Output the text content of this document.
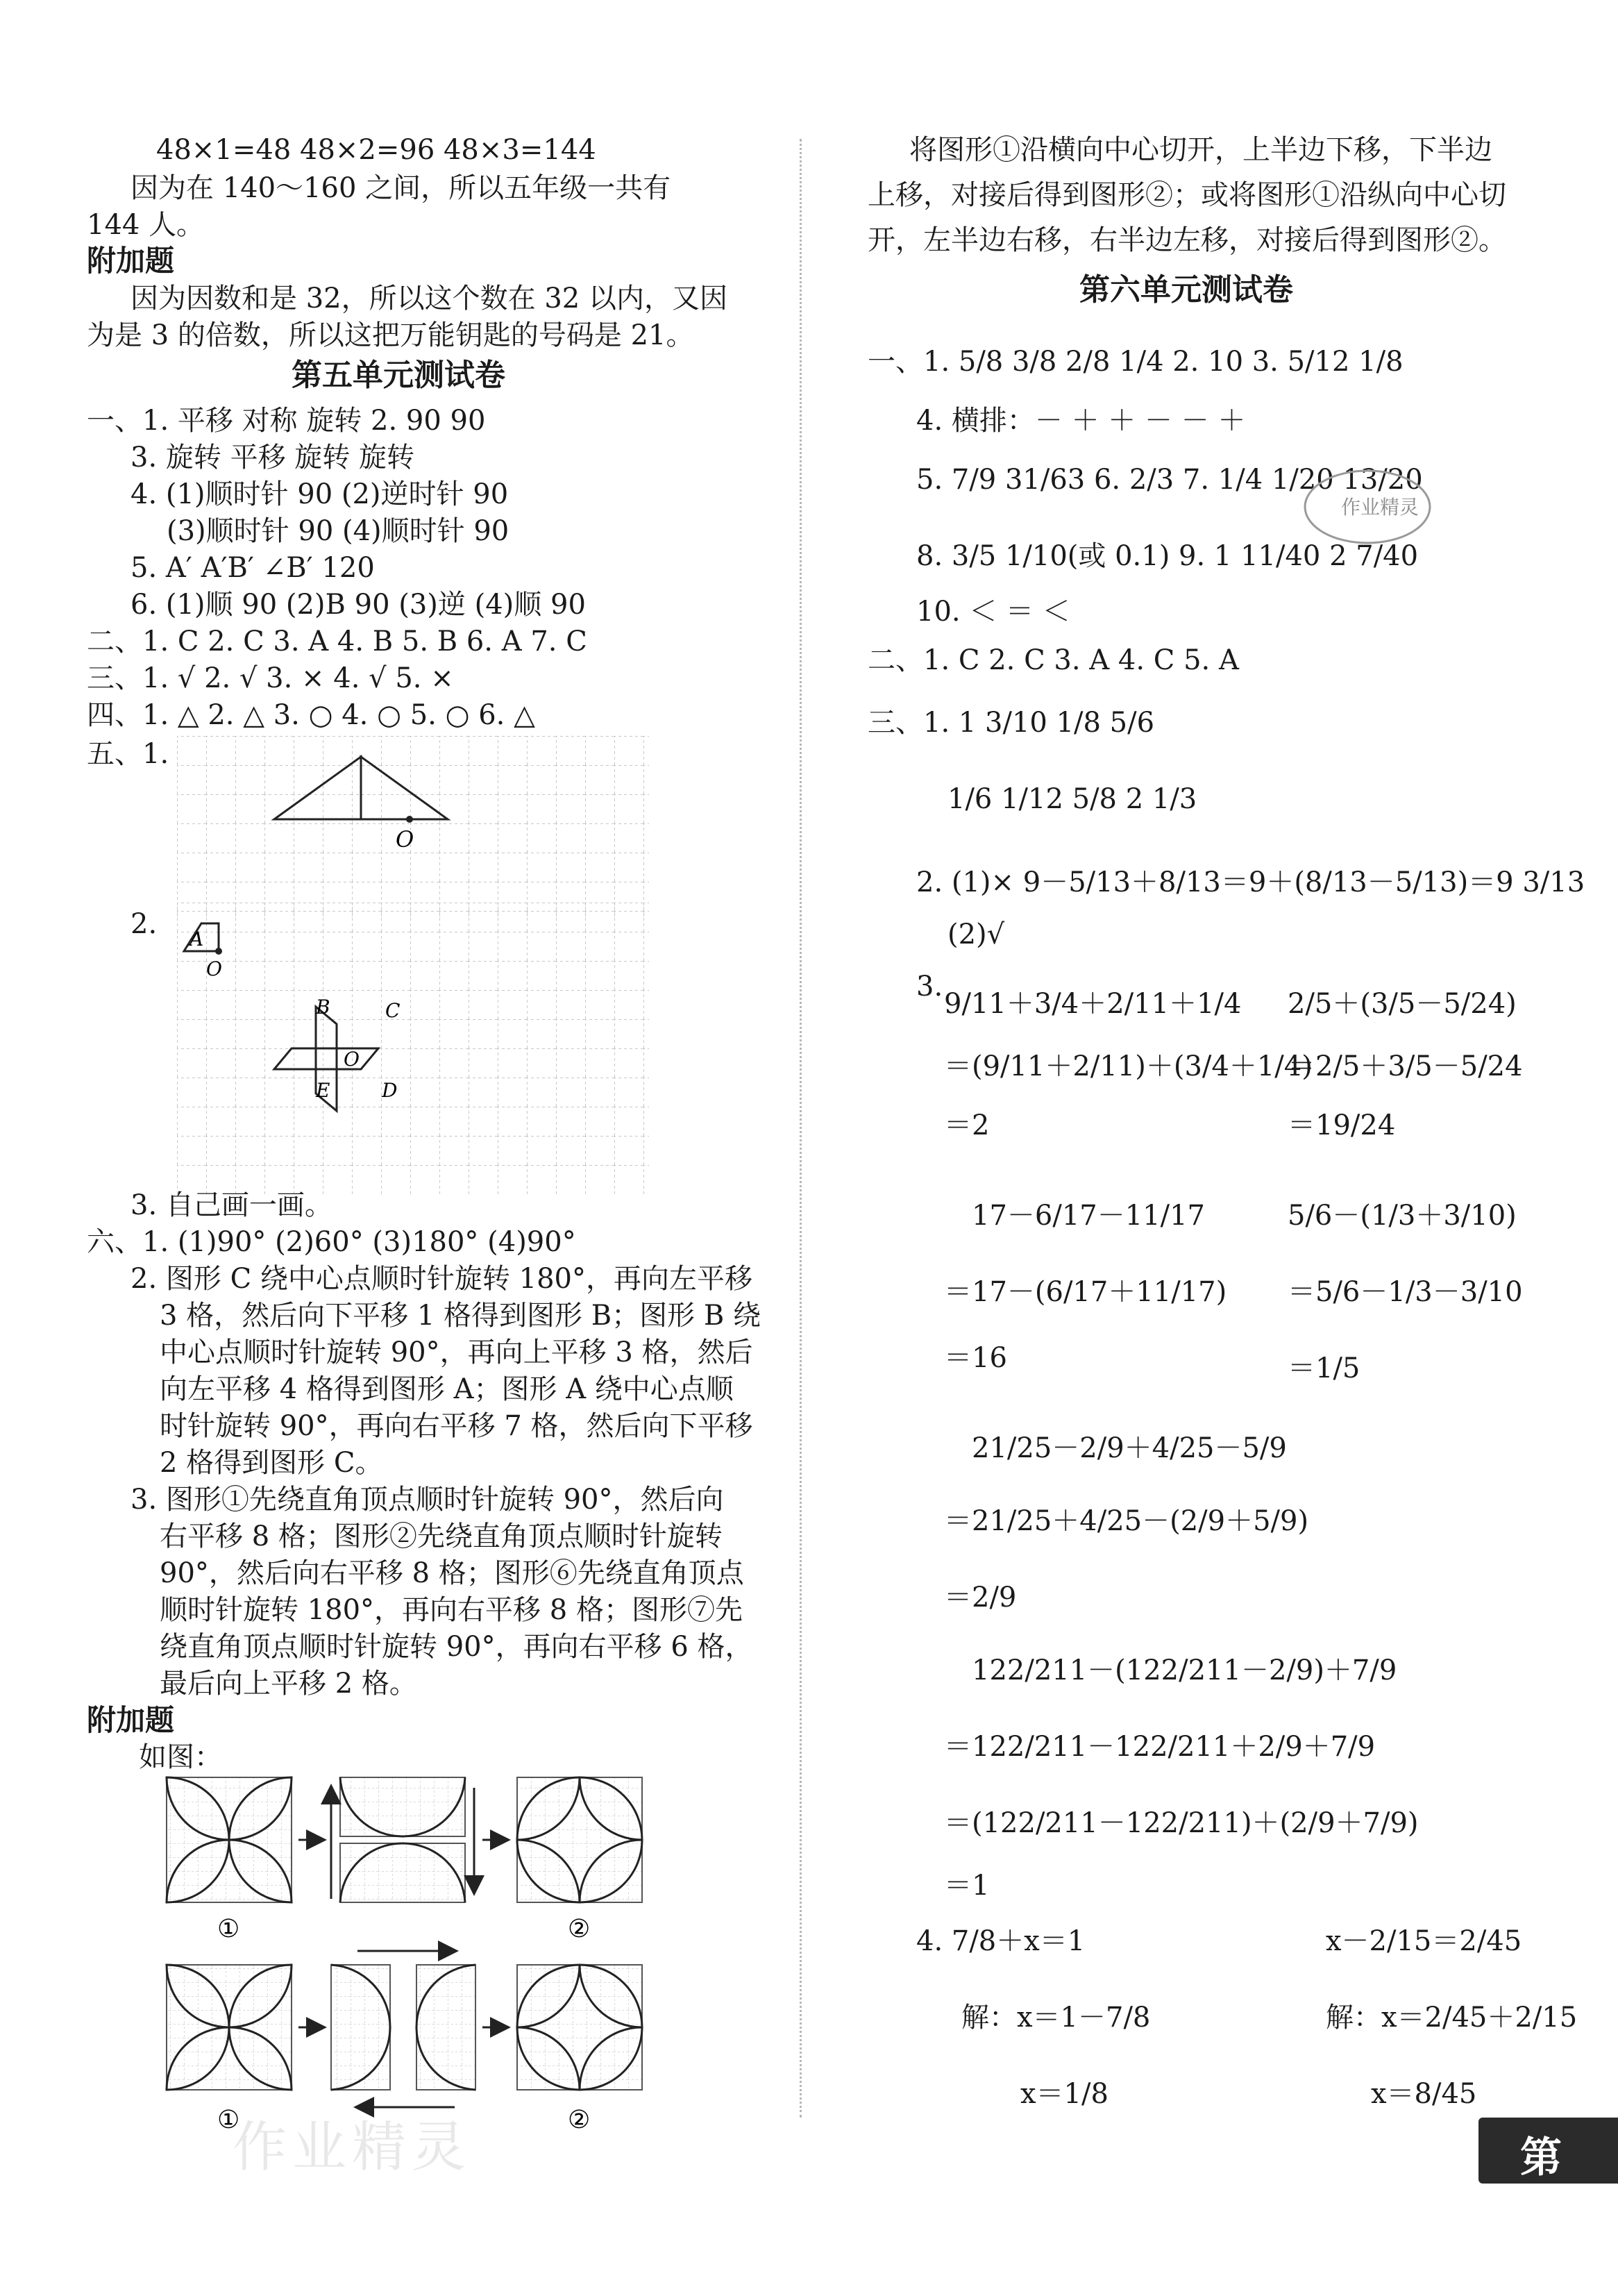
48×1=48 48×2=96 48×3=144
因为在 140～160 之间，所以五年级一共有
144 人。
附加题
因为因数和是 32，所以这个数在 32 以内，又因
为是 3 的倍数，所以这把万能钥匙的号码是 21。
第五单元测试卷
一、1. 平移 对称 旋转 2. 90 90
3. 旋转 平移 旋转 旋转
4. (1)顺时针 90 (2)逆时针 90
(3)顺时针 90 (4)顺时针 90
5. A′ A′B′ ∠B′ 120
6. (1)顺 90 (2)B 90 (3)逆 (4)顺 90
二、1. C 2. C 3. A 4. B 5. B 6. A 7. C
三、1. √ 2. √ 3. × 4. √ 5. ×
四、1. △ 2. △ 3. ○ 4. ○ 5. ○ 6. △
五、1.
O
2. A
O
B	C
E	D
O
3. 自己画一画。
六、1. (1)90° (2)60° (3)180° (4)90°
2. 图形 C 绕中心点顺时针旋转 180°，再向左平移
3 格，然后向下平移 1 格得到图形 B；图形 B 绕
中心点顺时针旋转 90°，再向上平移 3 格，然后
向左平移 4 格得到图形 A；图形 A 绕中心点顺
时针旋转 90°，再向右平移 7 格，然后向下平移
2 格得到图形 C。
3. 图形①先绕直角顶点顺时针旋转 90°，然后向
右平移 8 格；图形②先绕直角顶点顺时针旋转
90°，然后向右平移 8 格；图形⑥先绕直角顶点
顺时针旋转 180°，再向右平移 8 格；图形⑦先
绕直角顶点顺时针旋转 90°，再向右平移 6 格，
最后向上平移 2 格。
附加题
如图：
①	②
①	②
将图形①沿横向中心切开，上半边下移，下半边
上移，对接后得到图形②；或将图形①沿纵向中心切
开，左半边右移，右半边左移，对接后得到图形②。
第六单元测试卷
一、1. 5/8 3/8 2/8 1/4 2. 10 3. 5/12 1/8
4. 横排：－ ＋ ＋ － － ＋
5. 7/9 31/63 6. 2/3 7. 1/4 1/20 13/20
8. 3/5 1/10(或 0.1) 9. 1 11/40 2 7/40
10. ＜ ＝ ＜
二、1. C 2. C 3. A 4. C 5. A
三、1. 1 3/10 1/8 5/6
1/6 1/12 5/8 2 1/3
2. (1)× 9－5/13＋8/13＝9＋(8/13－5/13)＝9 3/13
(2)√
3.
9/11＋3/4＋2/11＋1/4
＝(9/11＋2/11)＋(3/4＋1/4)
＝2
2/5＋(3/5－5/24)
＝2/5＋3/5－5/24
＝19/24
17－6/17－11/17
＝17－(6/17＋11/17)
＝16
5/6－(1/3＋3/10)
＝5/6－1/3－3/10
＝1/5
21/25－2/9＋4/25－5/9
＝21/25＋4/25－(2/9＋5/9)
＝2/9
122/211－(122/211－2/9)＋7/9
＝122/211－122/211＋2/9＋7/9
＝(122/211－122/211)＋(2/9＋7/9)
＝1
4. 7/8＋x＝1
解：x＝1－7/8
x＝1/8
x－2/15＝2/45
解：x＝2/45＋2/15
x＝8/45
作业精灵
作业精灵	第50
